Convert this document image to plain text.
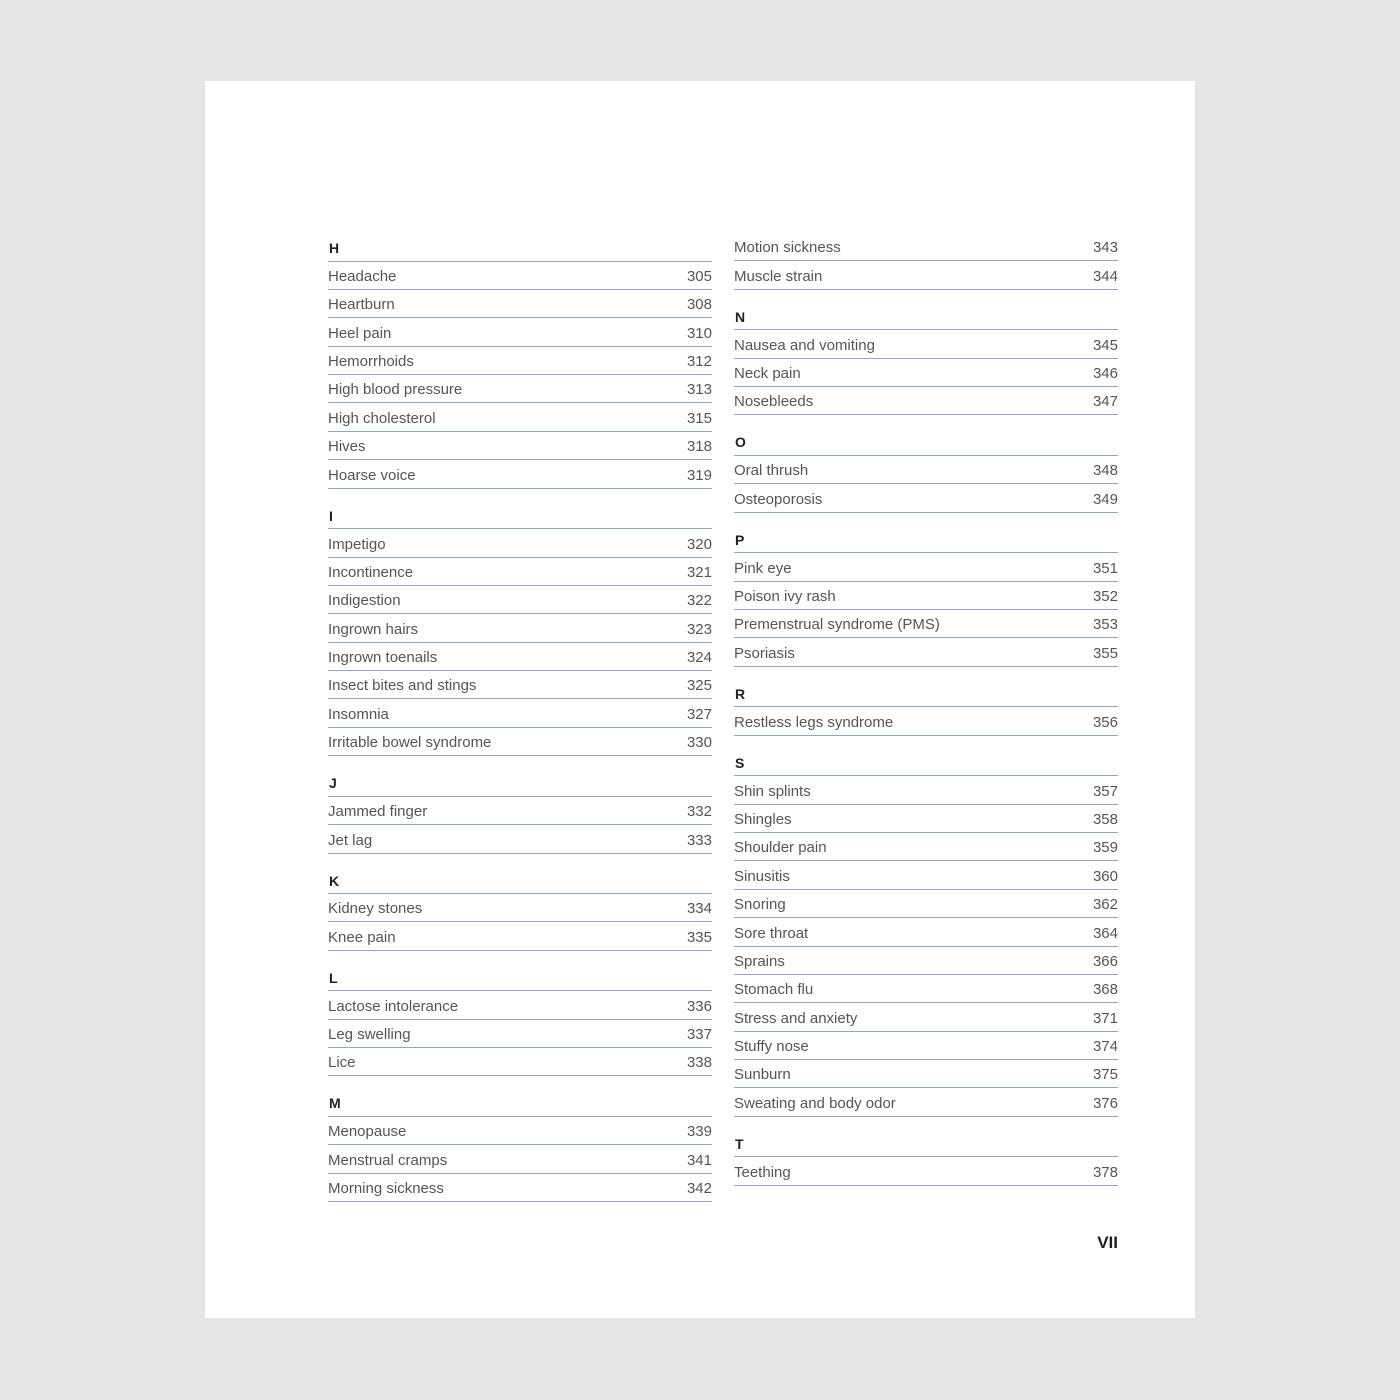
H
Headache	305
Heartburn	308
Heel pain	310
Hemorrhoids	312
High blood pressure	313
High cholesterol	315
Hives	318
Hoarse voice	319
I
Impetigo	320
Incontinence	321
Indigestion	322
Ingrown hairs	323
Ingrown toenails	324
Insect bites and stings	325
Insomnia	327
Irritable bowel syndrome	330
J
Jammed finger	332
Jet lag	333
K
Kidney stones	334
Knee pain	335
L
Lactose intolerance	336
Leg swelling	337
Lice	338
M
Menopause	339
Menstrual cramps	341
Morning sickness	342
Motion sickness	343
Muscle strain	344
N
Nausea and vomiting	345
Neck pain	346
Nosebleeds	347
O
Oral thrush	348
Osteoporosis	349
P
Pink eye	351
Poison ivy rash	352
Premenstrual syndrome (PMS)	353
Psoriasis	355
R
Restless legs syndrome	356
S
Shin splints	357
Shingles	358
Shoulder pain	359
Sinusitis	360
Snoring	362
Sore throat	364
Sprains	366
Stomach flu	368
Stress and anxiety	371
Stuffy nose	374
Sunburn	375
Sweating and body odor	376
T
Teething	378
VII
